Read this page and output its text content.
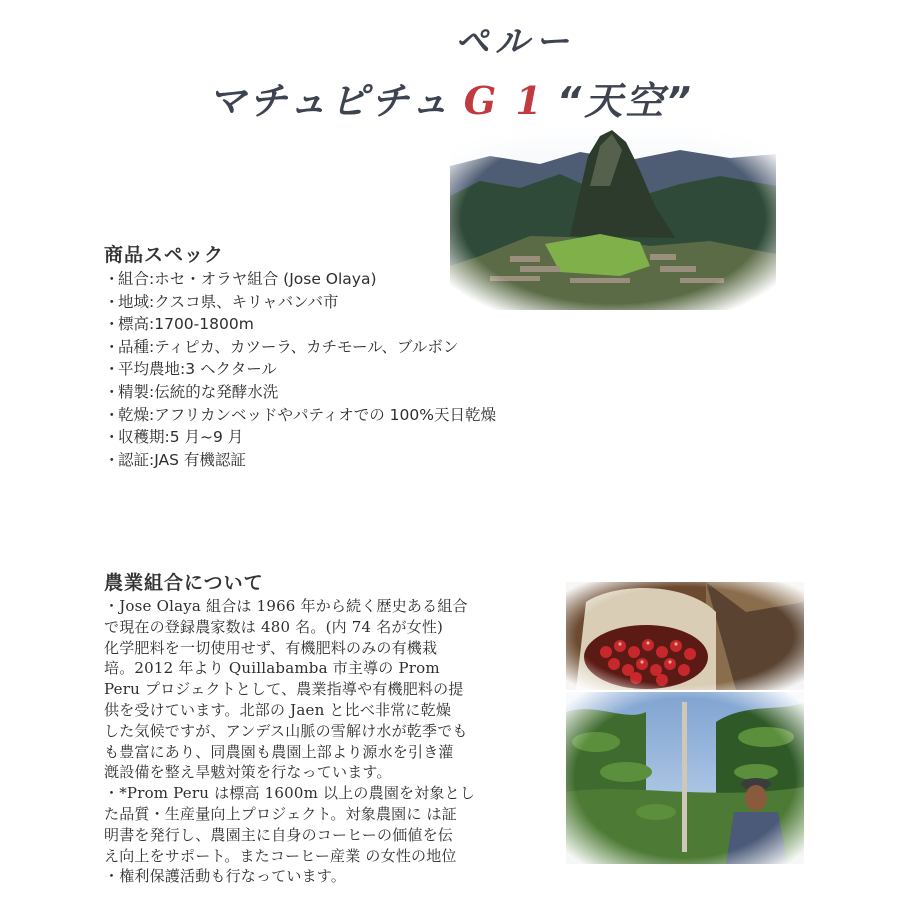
ペルー
マチュピチュ G 1 “天空”
商品スペック
・組合:ホセ・オラヤ組合 (Jose Olaya)
・地域:クスコ県、キリャバンバ市
・標高:1700-1800m
・品種:ティピカ、カツーラ、カチモール、ブルボン
・平均農地:3 ヘクタール
・精製:伝統的な発酵水洗
・乾燥:アフリカンベッドやパティオでの 100%天日乾燥
・収穫期:5 月~9 月
・認証:JAS 有機認証
農業組合について

・Jose Olaya 組合は 1966 年から続く歴史ある組合

で現在の登録農家数は 480 名。(内 74 名が女性)

化学肥料を一切使用せず、有機肥料のみの有機栽

培。2012 年より Quillabamba 市主導の Prom

Peru プロジェクトとして、農業指導や有機肥料の提

供を受けています。北部の Jaen と比べ非常に乾燥

した気候ですが、アンデス山脈の雪解け水が乾季でも

も豊富にあり、同農園も農園上部より源水を引き灌

漑設備を整え旱魃対策を行なっています。

・*Prom Peru は標高 1600m 以上の農園を対象とし

た品質・生産量向上プロジェクト。対象農園に は証

明書を発行し、農園主に自身のコーヒーの価値を伝

え向上をサポート。またコーヒー産業 の女性の地位

・権利保護活動も行なっています。
